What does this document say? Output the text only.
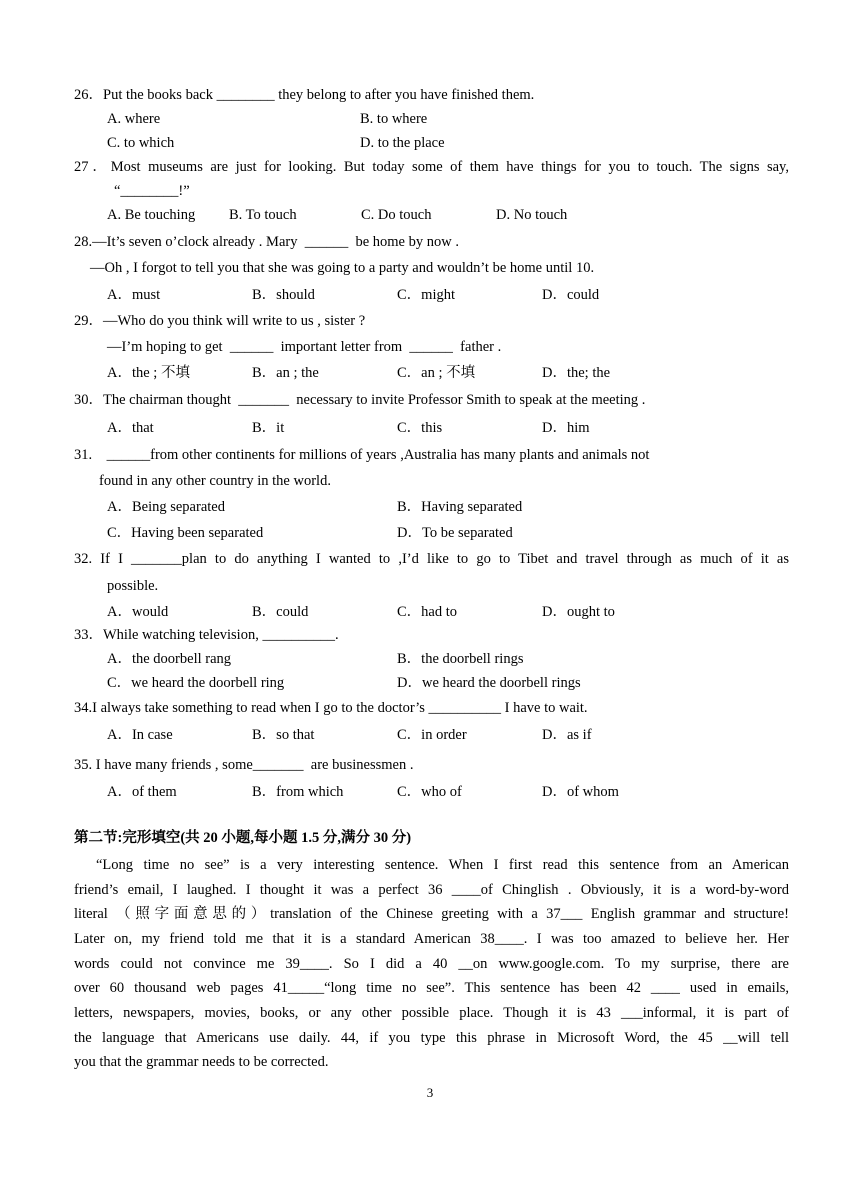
26．Put the books back ________ they belong to after you have finished them.
A. where	B. to where
C. to which	D. to the place
27．Most museums are just for looking. But today some of them have things for you to touch. The signs say,
“________!”
A. Be touching B. To touch	C. Do touch	D. No touch
28.—It’s seven o’clock already . Mary  ______  be home by now .
—Oh , I forgot to tell you that she was going to a party and wouldn’t be home until 10.
A．must	B．should	C．might	D．could
29．—Who do you think will write to us , sister ?
—I’m hoping to get  ______  important letter from  ______  father .
A．the ; 不填	B．an ; the	C．an ; 不填	D．the; the
30．The chairman thought  _______  necessary to invite Professor Smith to speak at the meeting .
A．that	B．it	C．this	D．him
31.    ______from other continents for millions of years ,Australia has many plants and animals not
found in any other country in the world.
A．Being separated	B．Having separated
C．Having been separated	D．To be separated
32. If I _______plan to do anything I wanted to ,I’d like to go to Tibet and travel through as much of it as
possible.
A．would	B．could	C．had to	D．ought to
33．While watching television, __________.
A．the doorbell rang	B．the doorbell rings
C．we heard the doorbell ring	D．we heard the doorbell rings
34.I always take something to read when I go to the doctor’s __________ I have to wait.
A．In case	B．so that	C．in order	D．as if
35. I have many friends , some_______  are businessmen .
A．of them	B．from which	C．who of	D．of whom
第二节:完形填空(共 20 小题,每小题 1.5 分,满分 30 分)
“Long time no see” is a very interesting sentence. When I first read this sentence from an American
friend’s email, I laughed. I thought it was a perfect 36 ____of Chinglish . Obviously, it is a word-by-word
literal （照字面意思的）translation of the Chinese greeting with a 37___ English grammar and structure!
Later on, my friend told me that it is a standard American 38____. I was too amazed to believe her. Her
words could not convince me 39____. So I did a 40 __on www.google.com. To my surprise, there are
over 60 thousand web pages 41_____“long time no see”. This sentence has been 42 ____ used in emails,
letters, newspapers, movies, books, or any other possible place. Though it is 43 ___informal, it is part of
the language that Americans use daily. 44, if you type this phrase in Microsoft Word, the 45 __will tell
you that the grammar needs to be corrected.
3
